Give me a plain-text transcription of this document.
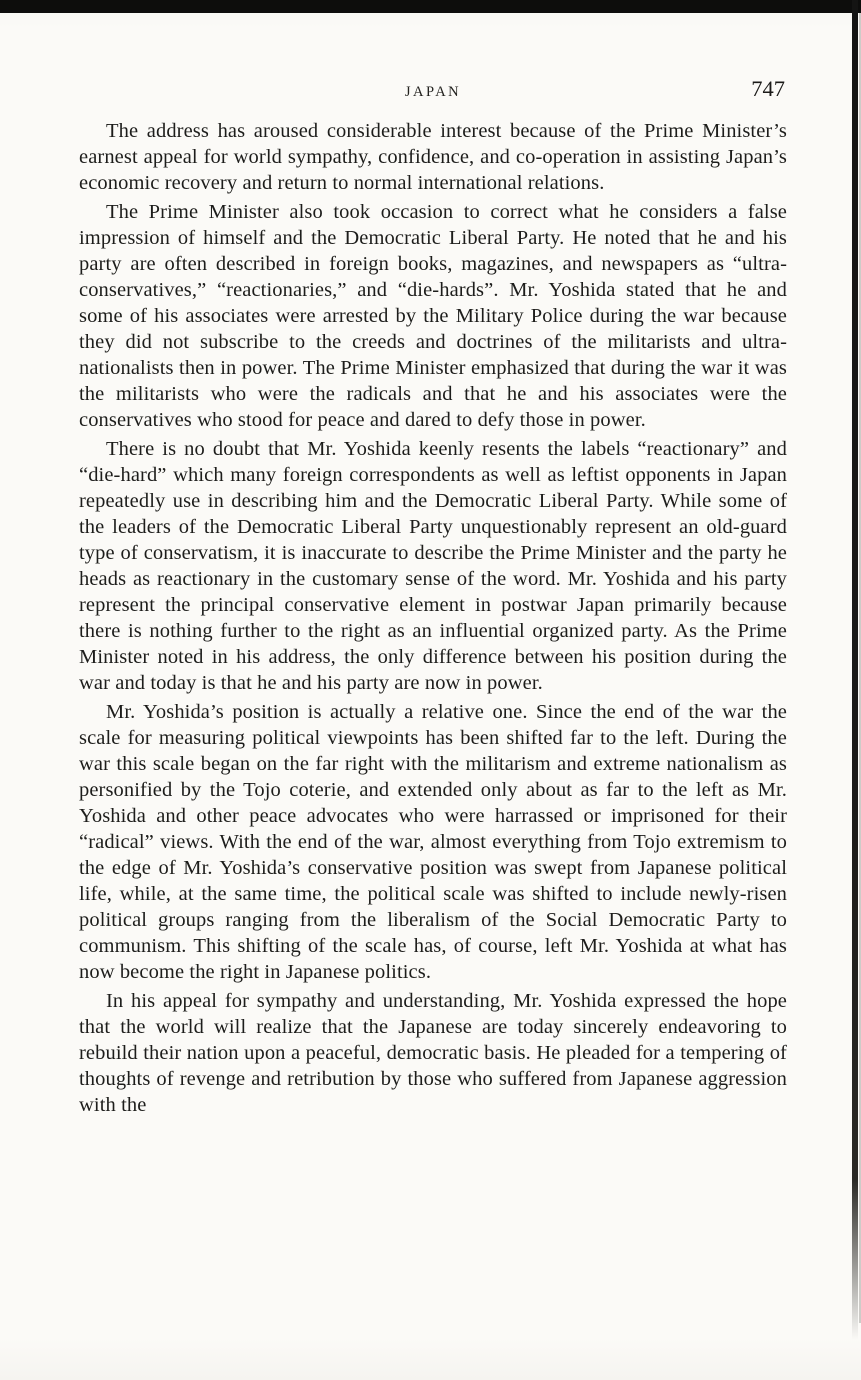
JAPAN	747

The address has aroused considerable interest because of the Prime Minister’s earnest appeal for world sympathy, confidence, and co-operation in assisting Japan’s economic recovery and return to normal international relations.

The Prime Minister also took occasion to correct what he considers a false impression of himself and the Democratic Liberal Party. He noted that he and his party are often described in foreign books, magazines, and newspapers as “ultra-conservatives,” “reactionaries,” and “die-hards”. Mr. Yoshida stated that he and some of his associates were arrested by the Military Police during the war because they did not subscribe to the creeds and doctrines of the militarists and ultra-nationalists then in power. The Prime Minister emphasized that during the war it was the militarists who were the radicals and that he and his associates were the conservatives who stood for peace and dared to defy those in power.

There is no doubt that Mr. Yoshida keenly resents the labels “reactionary” and “die-hard” which many foreign correspondents as well as leftist opponents in Japan repeatedly use in describing him and the Democratic Liberal Party. While some of the leaders of the Democratic Liberal Party unquestionably represent an old-guard type of conservatism, it is inaccurate to describe the Prime Minister and the party he heads as reactionary in the customary sense of the word. Mr. Yoshida and his party represent the principal conservative element in postwar Japan primarily because there is nothing further to the right as an influential organized party. As the Prime Minister noted in his address, the only difference between his position during the war and today is that he and his party are now in power.

Mr. Yoshida’s position is actually a relative one. Since the end of the war the scale for measuring political viewpoints has been shifted far to the left. During the war this scale began on the far right with the militarism and extreme nationalism as personified by the Tojo coterie, and extended only about as far to the left as Mr. Yoshida and other peace advocates who were harrassed or imprisoned for their “radical” views. With the end of the war, almost everything from Tojo extremism to the edge of Mr. Yoshida’s conservative position was swept from Japanese political life, while, at the same time, the political scale was shifted to include newly-risen political groups ranging from the liberalism of the Social Democratic Party to communism. This shifting of the scale has, of course, left Mr. Yoshida at what has now become the right in Japanese politics.

In his appeal for sympathy and understanding, Mr. Yoshida expressed the hope that the world will realize that the Japanese are today sincerely endeavoring to rebuild their nation upon a peaceful, democratic basis. He pleaded for a tempering of thoughts of revenge and retribution by those who suffered from Japanese aggression with the
